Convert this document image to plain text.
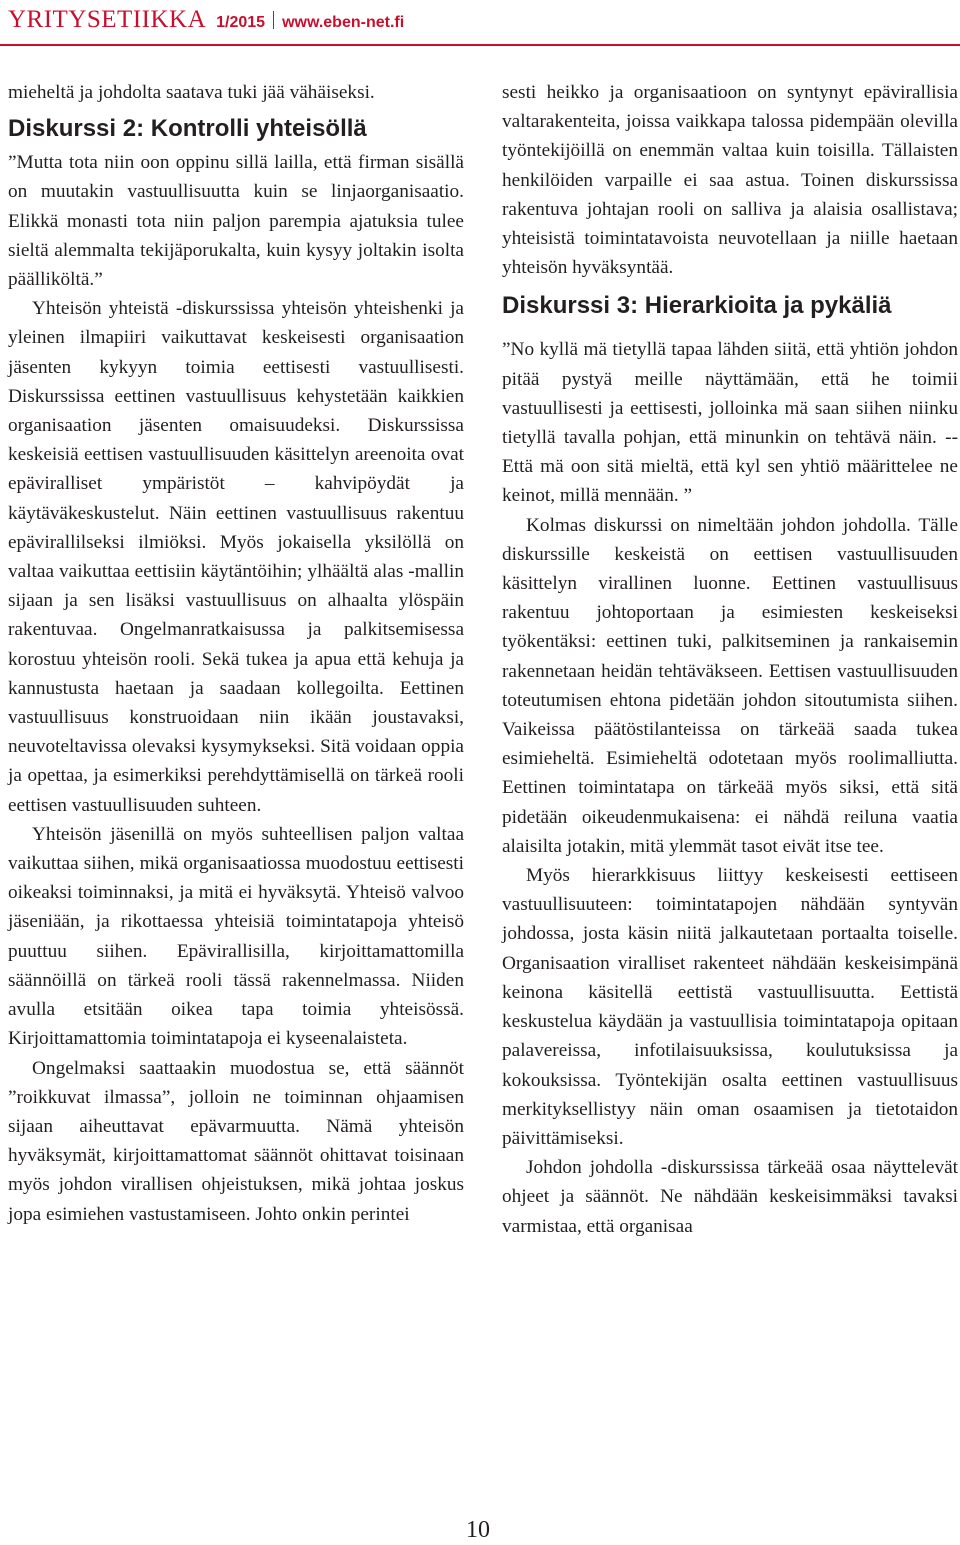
YRITYSETIIKKA 1/2015 www.eben-net.fi

mieheltä ja johdolta saatava tuki jää vähäiseksi.

Diskurssi 2: Kontrolli yhteisöllä

”Mutta tota niin oon oppinu sillä lailla, että firman sisällä on muutakin vastuullisuutta kuin se linjaorganisaatio. Elikkä monasti tota niin paljon parempia ajatuksia tulee sieltä alemmalta tekijäporukalta, kuin kysyy joltakin isolta päälliköltä.”

Yhteisön yhteistä -diskurssissa yhteisön yhteishenki ja yleinen ilmapiiri vaikuttavat keskeisesti organisaation jäsenten kykyyn toimia eettisesti vastuullisesti. Diskurssissa eettinen vastuullisuus kehystetään kaikkien organisaation jäsenten omaisuudeksi. Diskurssissa keskeisiä eettisen vastuullisuuden käsittelyn areenoita ovat epäviralliset ympäristöt – kahvipöydät ja käytäväkeskustelut. Näin eettinen vastuullisuus rakentuu epävirallilseksi ilmiöksi. Myös jokaisella yksilöllä on valtaa vaikuttaa eettisiin käytäntöihin; ylhäältä alas -mallin sijaan ja sen lisäksi vastuullisuus on alhaalta ylöspäin rakentuvaa. Ongelmanratkaisussa ja palkitsemisessa korostuu yhteisön rooli. Sekä tukea ja apua että kehuja ja kannustusta haetaan ja saadaan kollegoilta. Eettinen vastuullisuus konstruoidaan niin ikään joustavaksi, neuvoteltavissa olevaksi kysymykseksi. Sitä voidaan oppia ja opettaa, ja esimerkiksi perehdyttämisellä on tärkeä rooli eettisen vastuullisuuden suhteen.

Yhteisön jäsenillä on myös suhteellisen paljon valtaa vaikuttaa siihen, mikä organisaatiossa muodostuu eettisesti oikeaksi toiminnaksi, ja mitä ei hyväksytä. Yhteisö valvoo jäseniään, ja rikottaessa yhteisiä toimintatapoja yhteisö puuttuu siihen. Epävirallisilla, kirjoittamattomilla säännöillä on tärkeä rooli tässä rakennelmassa. Niiden avulla etsitään oikea tapa toimia yhteisössä. Kirjoittamattomia toimintatapoja ei kyseenalaisteta.

Ongelmaksi saattaakin muodostua se, että säännöt ”roikkuvat ilmassa”, jolloin ne toiminnan ohjaamisen sijaan aiheuttavat epävarmuutta. Nämä yhteisön hyväksymät, kirjoittamattomat säännöt ohittavat toisinaan myös johdon virallisen ohjeistuksen, mikä johtaa joskus jopa esimiehen vastustamiseen. Johto onkin perintei

sesti heikko ja organisaatioon on syntynyt epävirallisia valtarakenteita, joissa vaikkapa talossa pidempään olevilla työntekijöillä on enemmän valtaa kuin toisilla. Tällaisten henkilöiden varpaille ei saa astua. Toinen diskurssissa rakentuva johtajan rooli on salliva ja alaisia osallistava; yhteisistä toimintatavoista neuvotellaan ja niille haetaan yhteisön hyväksyntää.

Diskurssi 3: Hierarkioita ja pykäliä

”No kyllä mä tietyllä tapaa lähden siitä, että yhtiön johdon pitää pystyä meille näyttämään, että he toimii vastuullisesti ja eettisesti, jolloinka mä saan siihen niinku tietyllä tavalla pohjan, että minunkin on tehtävä näin. -- Että mä oon sitä mieltä, että kyl sen yhtiö määrittelee ne keinot, millä mennään. ”

Kolmas diskurssi on nimeltään johdon johdolla. Tälle diskurssille keskeistä on eettisen vastuullisuuden käsittelyn virallinen luonne. Eettinen vastuullisuus rakentuu johtoportaan ja esimiesten keskeiseksi työkentäksi: eettinen tuki, palkitseminen ja rankaisemin rakennetaan heidän tehtäväkseen. Eettisen vastuullisuuden toteutumisen ehtona pidetään johdon sitoutumista siihen. Vaikeissa päätöstilanteissa on tärkeää saada tukea esimieheltä. Esimieheltä odotetaan myös roolimalliutta. Eettinen toimintatapa on tärkeää myös siksi, että sitä pidetään oikeudenmukaisena: ei nähdä reiluna vaatia alaisilta jotakin, mitä ylemmät tasot eivät itse tee.

Myös hierarkkisuus liittyy keskeisesti eettiseen vastuullisuuteen: toimintatapojen nähdään syntyvän johdossa, josta käsin niitä jalkautetaan portaalta toiselle. Organisaation viralliset rakenteet nähdään keskeisimpänä keinona käsitellä eettistä vastuullisuutta. Eettistä keskustelua käydään ja vastuullisia toimintatapoja opitaan palavereissa, infotilaisuuksissa, koulutuksissa ja kokouksissa. Työntekijän osalta eettinen vastuullisuus merkityksellistyy näin oman osaamisen ja tietotaidon päivittämiseksi.

Johdon johdolla -diskurssissa tärkeää osaa näyttelevät ohjeet ja säännöt. Ne nähdään keskeisimmäksi tavaksi varmistaa, että organisaa

10
